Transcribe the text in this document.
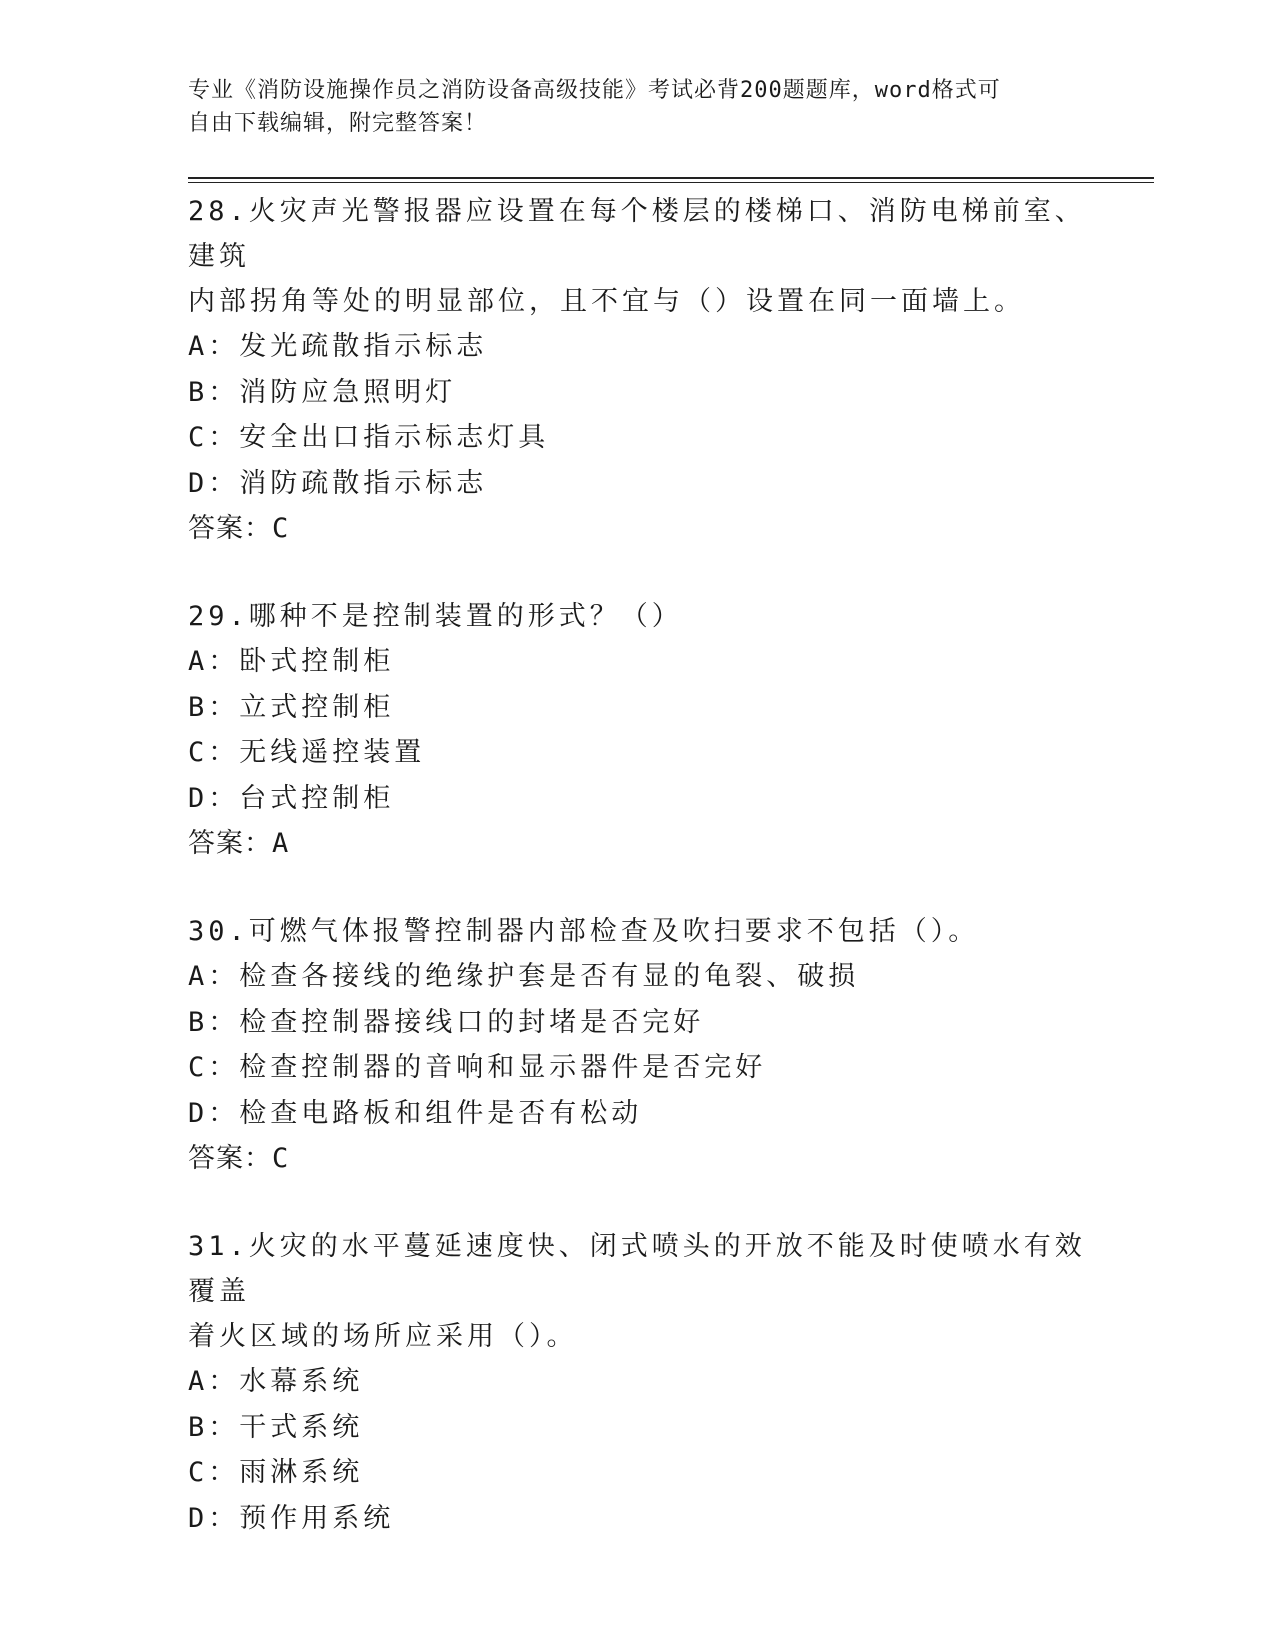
专业《消防设施操作员之消防设备高级技能》考试必背200题题库，word格式可
自由下载编辑，附完整答案！

28.火灾声光警报器应设置在每个楼层的楼梯口、消防电梯前室、建筑

内部拐角等处的明显部位，且不宜与（）设置在同一面墙上。

A：发光疏散指示标志

B：消防应急照明灯

C：安全出口指示标志灯具

D：消防疏散指示标志

答案：C

29.哪种不是控制装置的形式？（）

A：卧式控制柜

B：立式控制柜

C：无线遥控装置

D：台式控制柜

答案：A

30.可燃气体报警控制器内部检查及吹扫要求不包括（）。

A：检查各接线的绝缘护套是否有显的龟裂、破损

B：检查控制器接线口的封堵是否完好

C：检查控制器的音响和显示器件是否完好

D：检查电路板和组件是否有松动

答案：C

31.火灾的水平蔓延速度快、闭式喷头的开放不能及时使喷水有效覆盖

着火区域的场所应采用（）。

A：水幕系统

B：干式系统

C：雨淋系统

D：预作用系统
